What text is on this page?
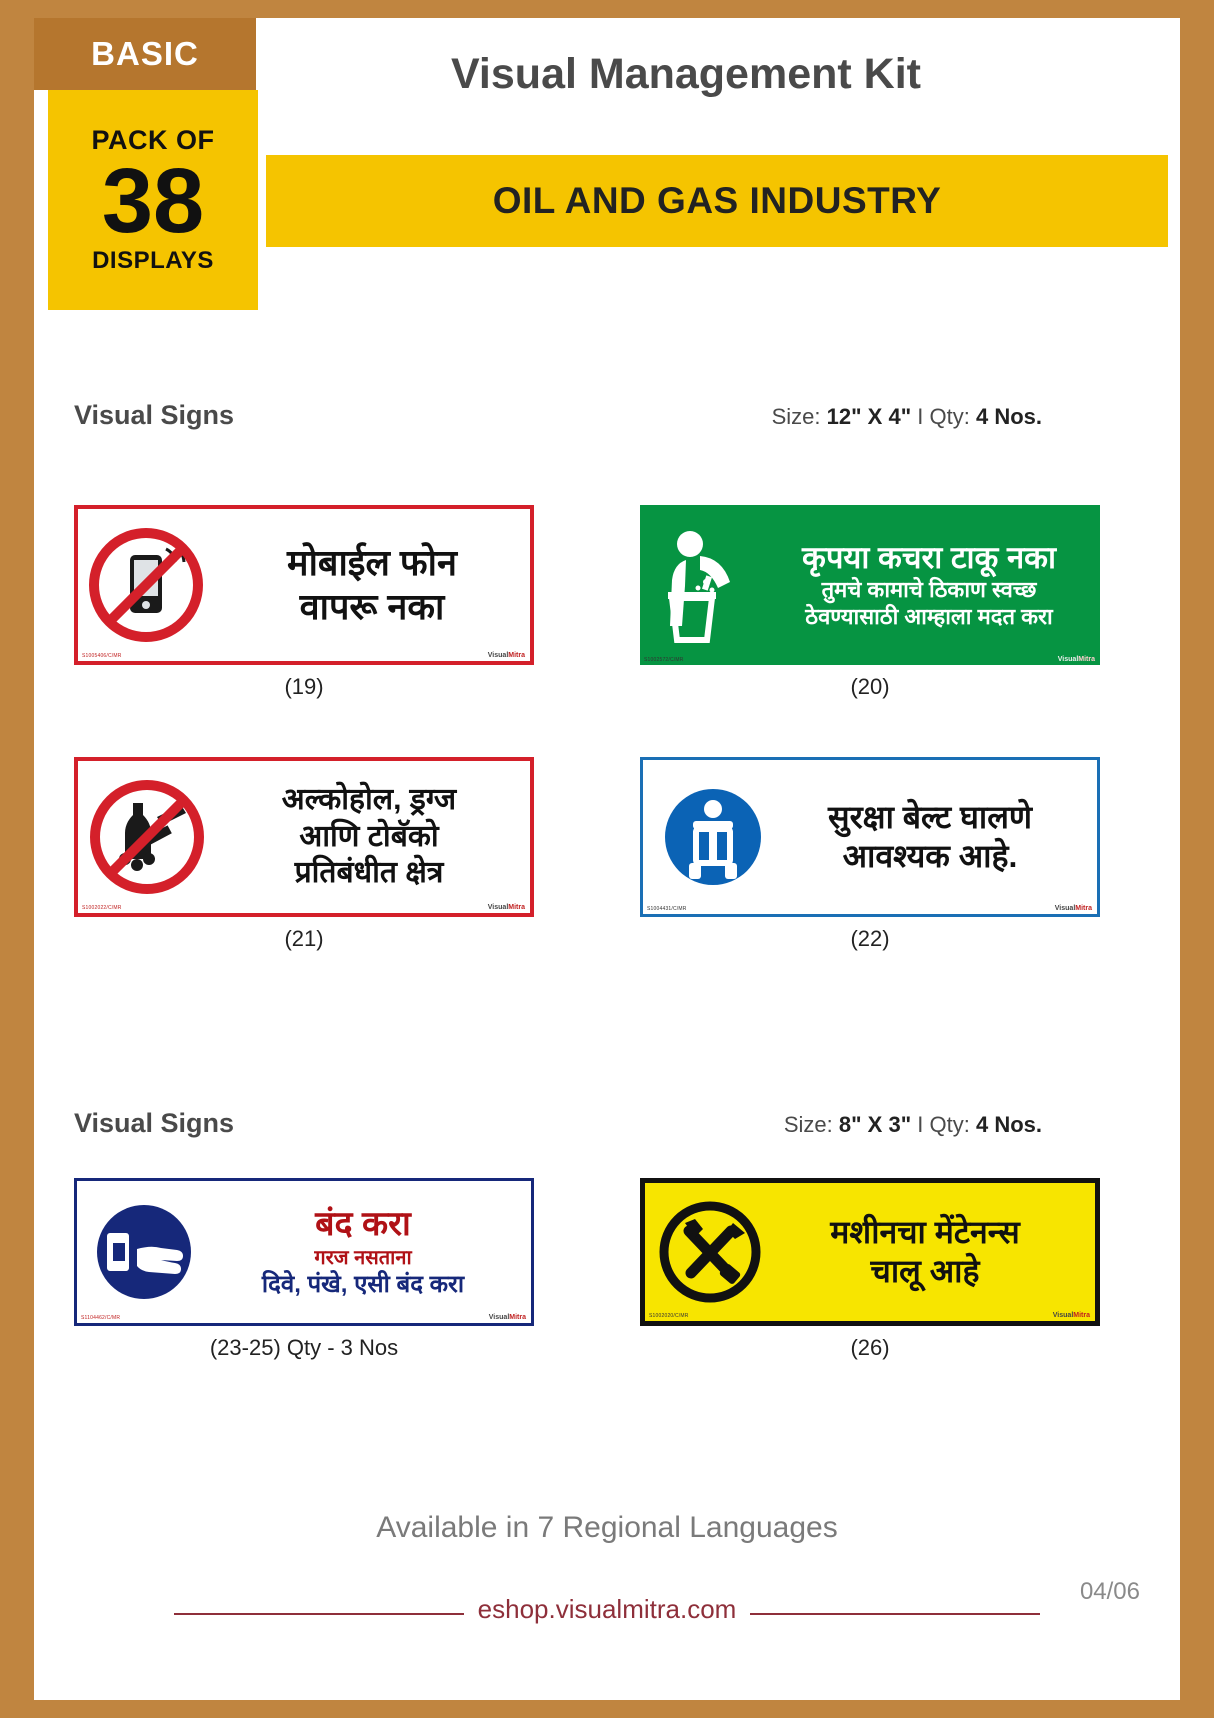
BASIC
PACK OF
38
DISPLAYS
Visual Management Kit
OIL AND GAS INDUSTRY
Visual Signs	Size: 12" X 4" I Qty: 4 Nos.
मोबाईल फोन
वापरू नका
S1005406/C/MR	VisualMitra
(19)
कृपया कचरा टाकू नका
तुमचे कामाचे ठिकाण स्वच्छ
ठेवण्यासाठी आम्हाला मदत करा
S1002572/C/MR	VisualMitra
(20)
अल्कोहोल, ड्रग्ज
आणि टोबॅको
प्रतिबंधीत क्षेत्र
S1002022/C/MR	VisualMitra
(21)
सुरक्षा बेल्ट घालणे
आवश्यक आहे.
S1004431/C/MR	VisualMitra
(22)
Visual Signs	Size: 8" X 3" I Qty: 4 Nos.
बंद करा
गरज नसताना
दिवे, पंखे, एसी बंद करा
S1104462/C/MR	VisualMitra
(23-25) Qty - 3 Nos
मशीनचा मेंटेनन्स
चालू आहे
S1002020/C/MR	VisualMitra
(26)
Available in 7 Regional Languages
eshop.visualmitra.com
04/06
